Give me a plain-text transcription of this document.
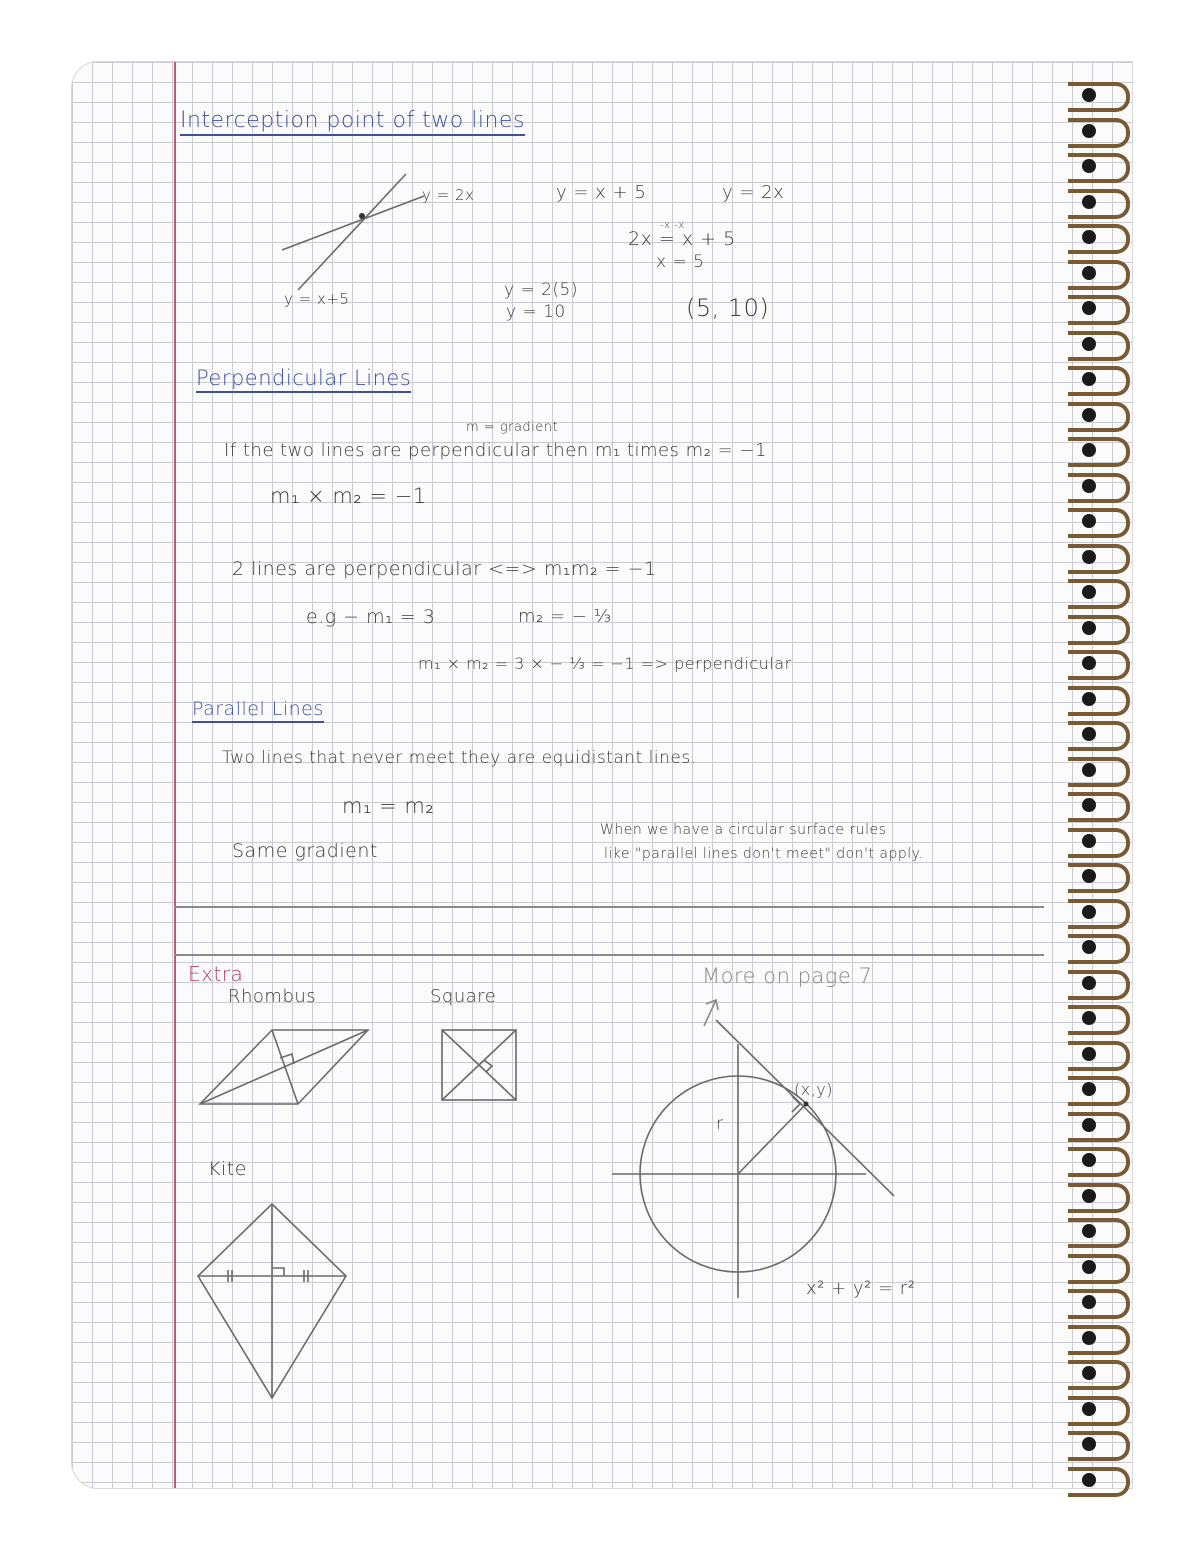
Interception point of two lines
y = 2x
y = x+5
y = x + 5	y = 2x
-x -x
2x = x + 5
x = 5
y = 2(5)
y = 10	(5, 10)
Perpendicular Lines
m = gradient
If the two lines are perpendicular then m₁ times m₂ = −1
m₁ × m₂ = −1
2 lines are perpendicular <=> m₁m₂ = −1
e.g − m₁ = 3	m₂ = − ⅓
m₁ × m₂ = 3 × − ⅓ = −1 => perpendicular
Parallel Lines
Two lines that never meet they are equidistant lines.
m₁ = m₂
Same gradient
When we have a circular surface rules
like "parallel lines don't meet" don't apply.
Extra
Rhombus	Square
Kite
More on page 7
(x,y)
r
x² + y² = r²
